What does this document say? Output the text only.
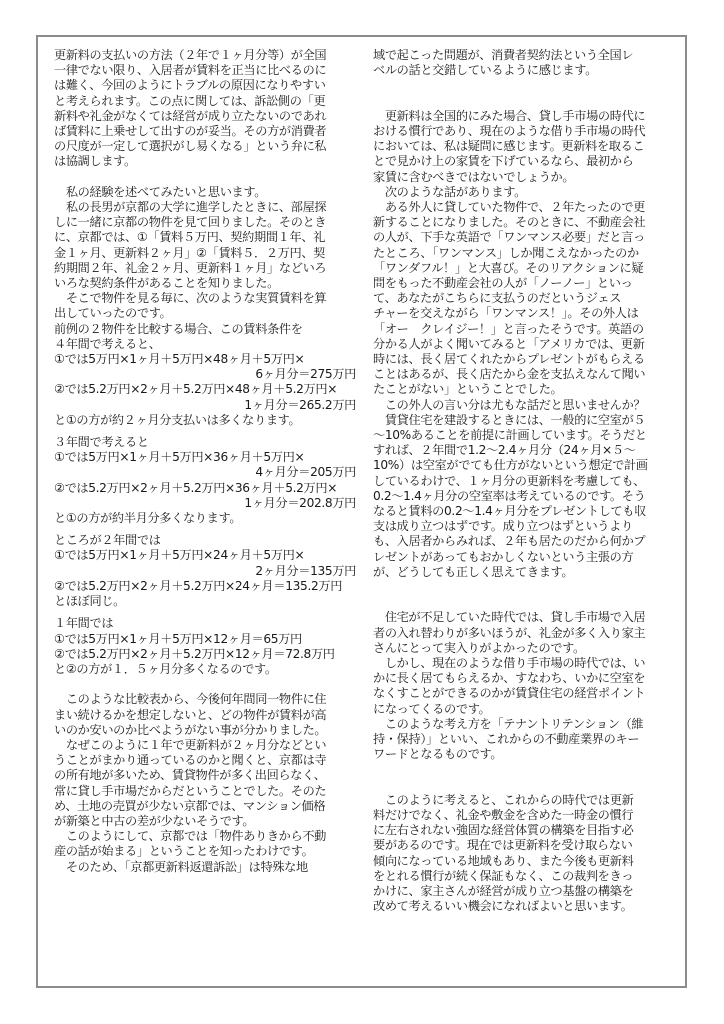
更新料の支払いの方法（２年で１ヶ月分等）が全国

一律でない限り、入居者が賃料を正当に比べるのに

は難く、今回のようにトラブルの原因になりやすい

と考えられます。この点に関しては、訴訟側の「更

新料や礼金がなくては経営が成り立たないのであれ

ば賃料に上乗せして出すのが妥当。その方が消費者

の尺度が一定して選択がし易くなる」という弁に私

は協調します。

　私の経験を述べてみたいと思います。

　私の長男が京都の大学に進学したときに、部屋探

しに一緒に京都の物件を見て回りました。そのとき

に、京都では、①「賃料５万円、契約期間１年、礼

金１ヶ月、更新料２ヶ月」②「賃料５．２万円、契

約期間２年、礼金２ヶ月、更新料１ヶ月」などいろ

いろな契約条件があることを知りました。

　そこで物件を見る毎に、次のような実質賃料を算

出していったのです。

前例の２物件を比較する場合、この賃料条件を

４年間で考えると、

①では5万円×1ヶ月＋5万円×48ヶ月＋5万円×

6ヶ月分＝275万円

②では5.2万円×2ヶ月＋5.2万円×48ヶ月＋5.2万円×

1ヶ月分＝265.2万円

と①の方が約２ヶ月分支払いは多くなります。

３年間で考えると

①では5万円×1ヶ月＋5万円×36ヶ月＋5万円×

4ヶ月分＝205万円

②では5.2万円×2ヶ月＋5.2万円×36ヶ月＋5.2万円×

1ヶ月分＝202.8万円

と①の方が約半月分多くなります。

ところが２年間では

①では5万円×1ヶ月＋5万円×24ヶ月＋5万円×

2ヶ月分＝135万円

②では5.2万円×2ヶ月＋5.2万円×24ヶ月＝135.2万円

とほぼ同じ。

１年間では

①では5万円×1ヶ月＋5万円×12ヶ月＝65万円

②では5.2万円×2ヶ月＋5.2万円×12ヶ月＝72.8万円

と②の方が１．５ヶ月分多くなるのです。

　このような比較表から、今後何年間同一物件に住

まい続けるかを想定しないと、どの物件が賃料が高

いのか安いのか比べようがない事が分かりました。

　なぜこのように１年で更新料が２ヶ月分などとい

うことがまかり通っているのかと聞くと、京都は寺

の所有地が多いため、賃貸物件が多く出回らなく、

常に貸し手市場だからだということでした。そのた

め、土地の売買が少ない京都では、マンション価格

が新築と中古の差が少ないそうです。

　このようにして、京都では「物件ありきから不動

産の話が始まる」ということを知ったわけです。

　そのため、「京都更新料返還訴訟」は特殊な地

域で起こった問題が、消費者契約法という全国レ

ベルの話と交錯しているように感じます。

　更新料は全国的にみた場合、貸し手市場の時代に

おける慣行であり、現在のような借り手市場の時代

においては、私は疑問に感じます。更新料を取るこ

とで見かけ上の家賃を下げているなら、最初から

家賃に含むべきではないでしょうか。

　次のような話があります。

　ある外人に貸していた物件で、２年たったので更

新することになりました。そのときに、不動産会社

の人が、下手な英語で「ワンマンス必要」だと言っ

たところ、「ワンマンス」しか聞こえなかったのか

「ワンダフル！」と大喜び。そのリアクションに疑

問をもった不動産会社の人が「ノーノー」といっ

て、あなたがこちらに支払うのだというジェス

チャーを交えながら「ワンマンス！」。その外人は

「オー　クレイジー！」と言ったそうです。英語の

分かる人がよく聞いてみると「アメリカでは、更新

時には、長く居てくれたからプレゼントがもらえる

ことはあるが、長く店たから金を支払えなんて聞い

たことがない」ということでした。

　この外人の言い分は尤もな話だと思いませんか？

　賃貸住宅を建設するときには、一般的に空室が５

～10%あることを前提に計画しています。そうだと

すれば、２年間で1.2～2.4ヶ月分（24ヶ月×５～

10%）は空室がでても仕方がないという想定で計画

しているわけで、１ヶ月分の更新料を考慮しても、

0.2～1.4ヶ月分の空室率は考えているのです。そう

なると賃料の0.2～1.4ヶ月分をプレゼントしても収

支は成り立つはずです。成り立つはずというより

も、入居者からみれば、２年も居たのだから何かプ

レゼントがあってもおかしくないという主張の方

が、どうしても正しく思えてきます。

　住宅が不足していた時代では、貸し手市場で入居

者の入れ替わりが多いほうが、礼金が多く入り家主

さんにとって実入りがよかったのです。

　しかし、現在のような借り手市場の時代では、い

かに長く居てもらえるか、すなわち、いかに空室を

なくすことができるのかが賃貸住宅の経営ポイント

になってくるのです。

　このような考え方を「テナントリテンション（維

持・保持）」といい、これからの不動産業界のキー

ワードとなるものです。

　このように考えると、これからの時代では更新

料だけでなく、礼金や敷金を含めた一時金の慣行

に左右されない強固な経営体質の構築を目指す必

要があるのです。現在では更新料を受け取らない

傾向になっている地域もあり、また今後も更新料

をとれる慣行が続く保証もなく、この裁判をきっ

かけに、家主さんが経営が成り立つ基盤の構築を

改めて考えるいい機会になればよいと思います。
